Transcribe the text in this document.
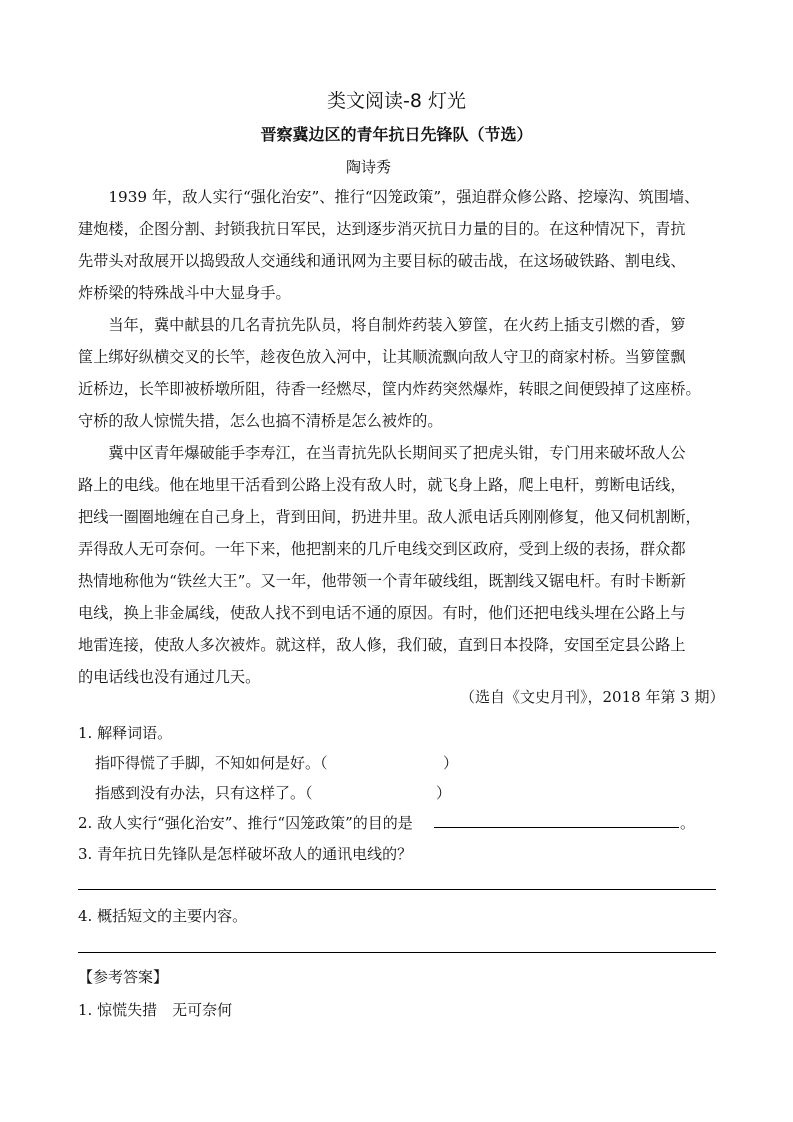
类文阅读-8 灯光
晋察冀边区的青年抗日先锋队（节选）
陶诗秀
　　1939 年，敌人实行“强化治安”、推行“囚笼政策”，强迫群众修公路、挖壕沟、筑围墙、
建炮楼，企图分割、封锁我抗日军民，达到逐步消灭抗日力量的目的。在这种情况下，青抗
先带头对敌展开以捣毁敌人交通线和通讯网为主要目标的破击战，在这场破铁路、割电线、
炸桥梁的特殊战斗中大显身手。
　　当年，冀中献县的几名青抗先队员，将自制炸药装入箩筐，在火药上插支引燃的香，箩
筐上绑好纵横交叉的长竿，趁夜色放入河中，让其顺流飘向敌人守卫的商家村桥。当箩筐飘
近桥边，长竿即被桥墩所阻，待香一经燃尽，筐内炸药突然爆炸，转眼之间便毁掉了这座桥。
守桥的敌人惊慌失措，怎么也搞不清桥是怎么被炸的。
　　冀中区青年爆破能手李寿江，在当青抗先队长期间买了把虎头钳，专门用来破坏敌人公
路上的电线。他在地里干活看到公路上没有敌人时，就飞身上路，爬上电杆，剪断电话线，
把线一圈圈地缠在自己身上，背到田间，扔进井里。敌人派电话兵刚刚修复，他又伺机割断，
弄得敌人无可奈何。一年下来，他把割来的几斤电线交到区政府，受到上级的表扬，群众都
热情地称他为“铁丝大王”。又一年，他带领一个青年破线组，既割线又锯电杆。有时卡断新
电线，换上非金属线，使敌人找不到电话不通的原因。有时，他们还把电线头埋在公路上与
地雷连接，使敌人多次被炸。就这样，敌人修，我们破，直到日本投降，安国至定县公路上
的电话线也没有通过几天。
（选自《文史月刊》，2018 年第 3 期）
1. 解释词语。
指吓得慌了手脚，不知如何是好。（	）
指感到没有办法，只有这样了。（	）
2. 敌人实行“强化治安”、推行“囚笼政策”的目的是	。
3. 青年抗日先锋队是怎样破坏敌人的通讯电线的？
4. 概括短文的主要内容。
【参考答案】
1. 惊慌失措　无可奈何
